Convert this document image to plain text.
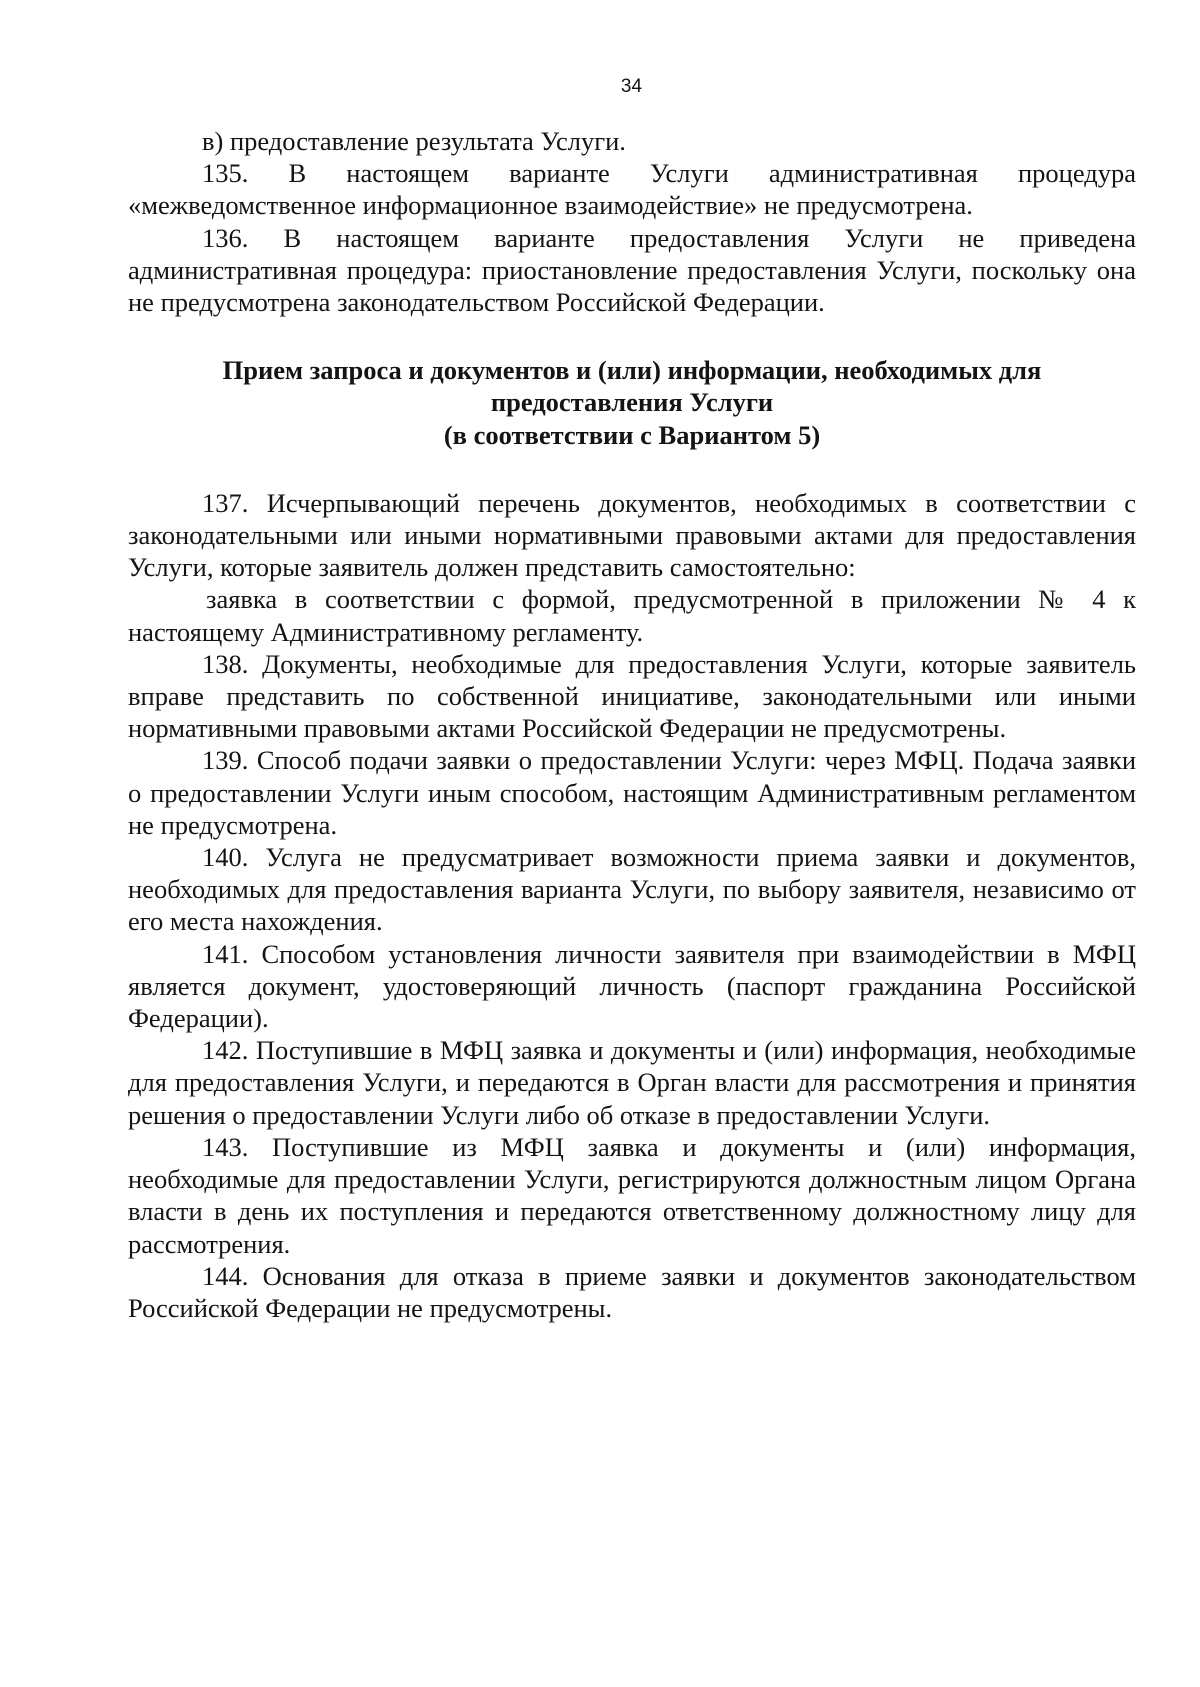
34

в) предоставление результата Услуги.

135. В настоящем варианте Услуги административная процедура «межведомственное информационное взаимодействие» не предусмотрена.

136. В настоящем варианте предоставления Услуги не приведена административная процедура: приостановление предоставления Услуги, поскольку она не предусмотрена законодательством Российской Федерации.

Прием запроса и документов и (или) информации, необходимых для
предоставления Услуги
(в соответствии с Вариантом 5)

137. Исчерпывающий перечень документов, необходимых в соответствии с законодательными или иными нормативными правовыми актами для предоставления Услуги, которые заявитель должен представить самостоятельно:

заявка в соответствии с формой, предусмотренной в приложении № 4 к настоящему Административному регламенту.

138. Документы, необходимые для предоставления Услуги, которые заявитель вправе представить по собственной инициативе, законодательными или иными нормативными правовыми актами Российской Федерации не предусмотрены.

139. Способ подачи заявки о предоставлении Услуги: через МФЦ. Подача заявки о предоставлении Услуги иным способом, настоящим Административным регламентом не предусмотрена.

140. Услуга не предусматривает возможности приема заявки и документов, необходимых для предоставления варианта Услуги, по выбору заявителя, независимо от его места нахождения.

141. Способом установления личности заявителя при взаимодействии в МФЦ является документ, удостоверяющий личность (паспорт гражданина Российской Федерации).

142. Поступившие в МФЦ заявка и документы и (или) информация, необходимые для предоставления Услуги, и передаются в Орган власти для рассмотрения и принятия решения о предоставлении Услуги либо об отказе в предоставлении Услуги.

143. Поступившие из МФЦ заявка и документы и (или) информация, необходимые для предоставлении Услуги, регистрируются должностным лицом Органа власти в день их поступления и передаются ответственному должностному лицу для рассмотрения.

144. Основания для отказа в приеме заявки и документов законодательством Российской Федерации не предусмотрены.
